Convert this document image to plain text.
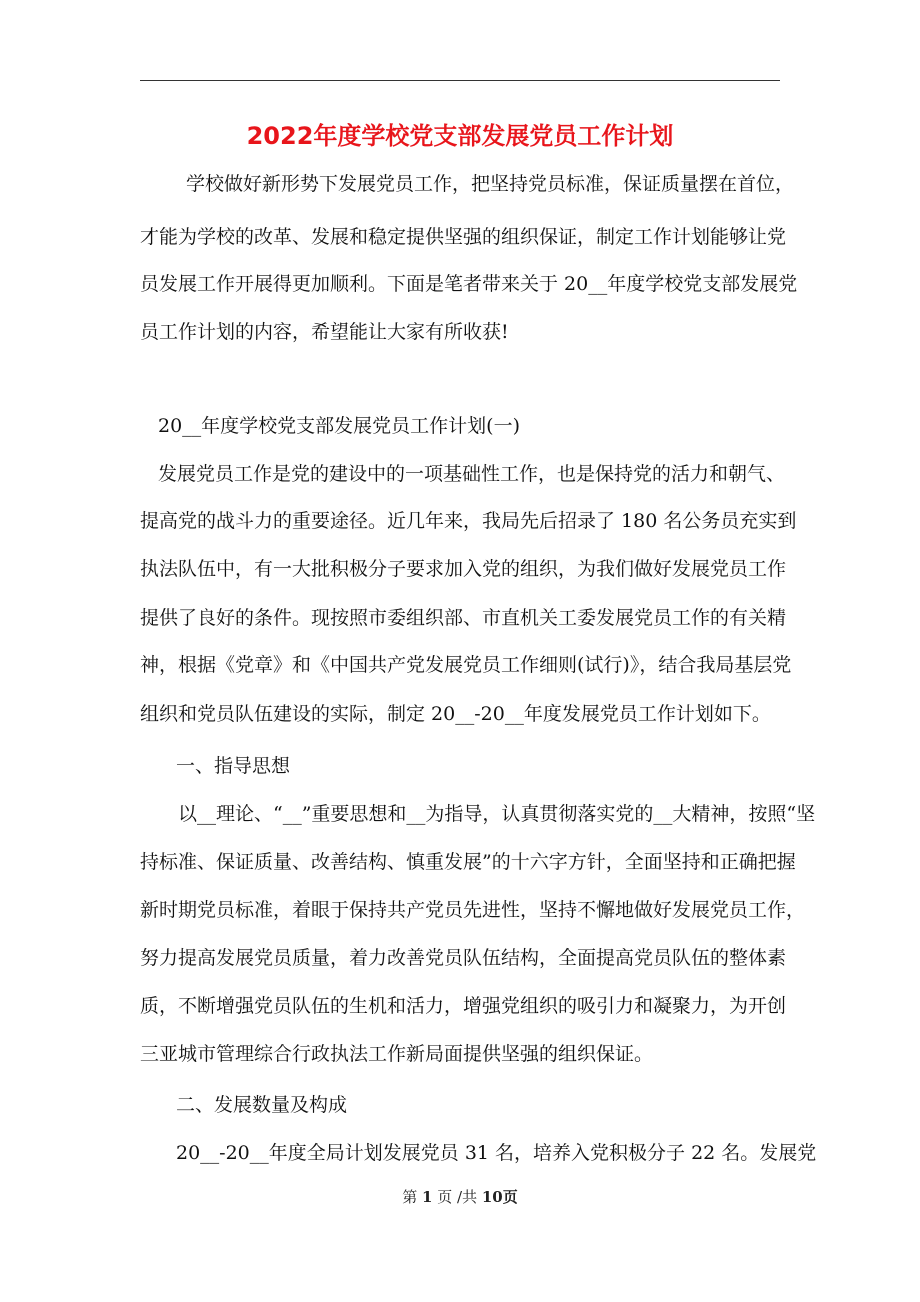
2022年度学校党支部发展党员工作计划
学校做好新形势下发展党员工作，把坚持党员标准，保证质量摆在首位，
才能为学校的改革、发展和稳定提供坚强的组织保证，制定工作计划能够让党
员发展工作开展得更加顺利。下面是笔者带来关于 20__年度学校党支部发展党
员工作计划的内容，希望能让大家有所收获!
20__年度学校党支部发展党员工作计划(一)
发展党员工作是党的建设中的一项基础性工作，也是保持党的活力和朝气、
提高党的战斗力的重要途径。近几年来，我局先后招录了 180 名公务员充实到
执法队伍中，有一大批积极分子要求加入党的组织，为我们做好发展党员工作
提供了良好的条件。现按照市委组织部、市直机关工委发展党员工作的有关精
神，根据《党章》和《中国共产党发展党员工作细则(试行)》，结合我局基层党
组织和党员队伍建设的实际，制定 20__-20__年度发展党员工作计划如下。
一、指导思想
以__理论、“__”重要思想和__为指导，认真贯彻落实党的__大精神，按照“坚
持标准、保证质量、改善结构、慎重发展”的十六字方针，全面坚持和正确把握
新时期党员标准，着眼于保持共产党员先进性，坚持不懈地做好发展党员工作，
努力提高发展党员质量，着力改善党员队伍结构，全面提高党员队伍的整体素
质，不断增强党员队伍的生机和活力，增强党组织的吸引力和凝聚力，为开创
三亚城市管理综合行政执法工作新局面提供坚强的组织保证。
二、发展数量及构成
20__-20__年度全局计划发展党员 31 名，培养入党积极分子 22 名。发展党
第 1 页 /共 10页
